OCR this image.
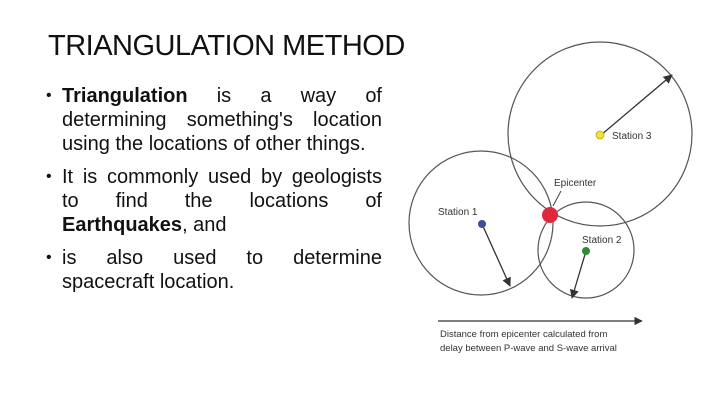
TRIANGULATION METHOD
• Triangulation is a way of determining something's location using the locations of other things.
• It is commonly used by geologists to find the locations of Earthquakes, and
• is also used to determine spacecraft location.
Station 3
Station 1
Station 2
Epicenter
Distance from epicenter calculated from
delay between P-wave and S-wave arrival
